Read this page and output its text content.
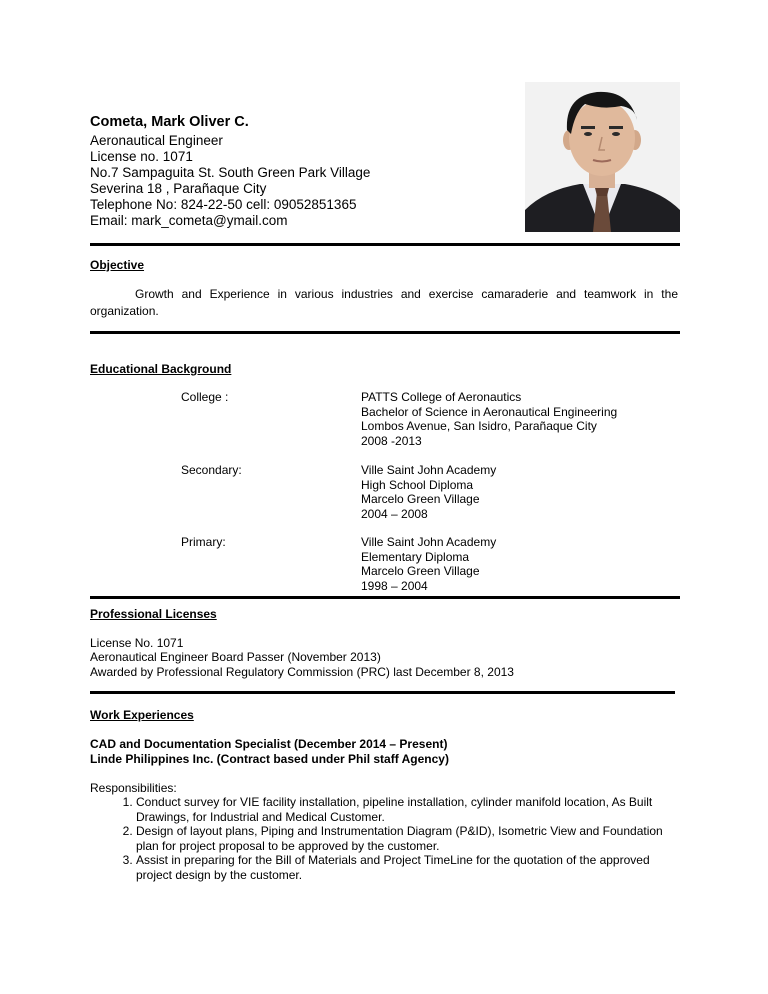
Cometa, Mark Oliver C.
Aeronautical Engineer
License no. 1071
No.7 Sampaguita St. South Green Park Village
Severina 18 , Parañaque City
Telephone No: 824-22-50 cell: 09052851365
Email: mark_cometa@ymail.com
Objective
Growth and Experience in various industries and exercise camaraderie and teamwork in the organization.
Educational Background
College :	PATTS College of Aeronautics
Bachelor of Science in Aeronautical Engineering
Lombos Avenue, San Isidro, Parañaque City
2008 -2013
Secondary:	Ville Saint John Academy
High School Diploma
Marcelo Green Village
2004 – 2008
Primary:	Ville Saint John Academy
Elementary Diploma
Marcelo Green Village
1998 – 2004
Professional Licenses
License No. 1071
Aeronautical Engineer Board Passer (November 2013)
Awarded by Professional Regulatory Commission (PRC) last December 8, 2013
Work Experiences
CAD and Documentation Specialist (December 2014 – Present)
Linde Philippines Inc. (Contract based under Phil staff Agency)
Responsibilities:
1. Conduct survey for VIE facility installation, pipeline installation, cylinder manifold location, As Built Drawings, for Industrial and Medical Customer.
2. Design of layout plans, Piping and Instrumentation Diagram (P&ID), Isometric View and Foundation plan for project proposal to be approved by the customer.
3. Assist in preparing for the Bill of Materials and Project TimeLine for the quotation of the approved project design by the customer.
